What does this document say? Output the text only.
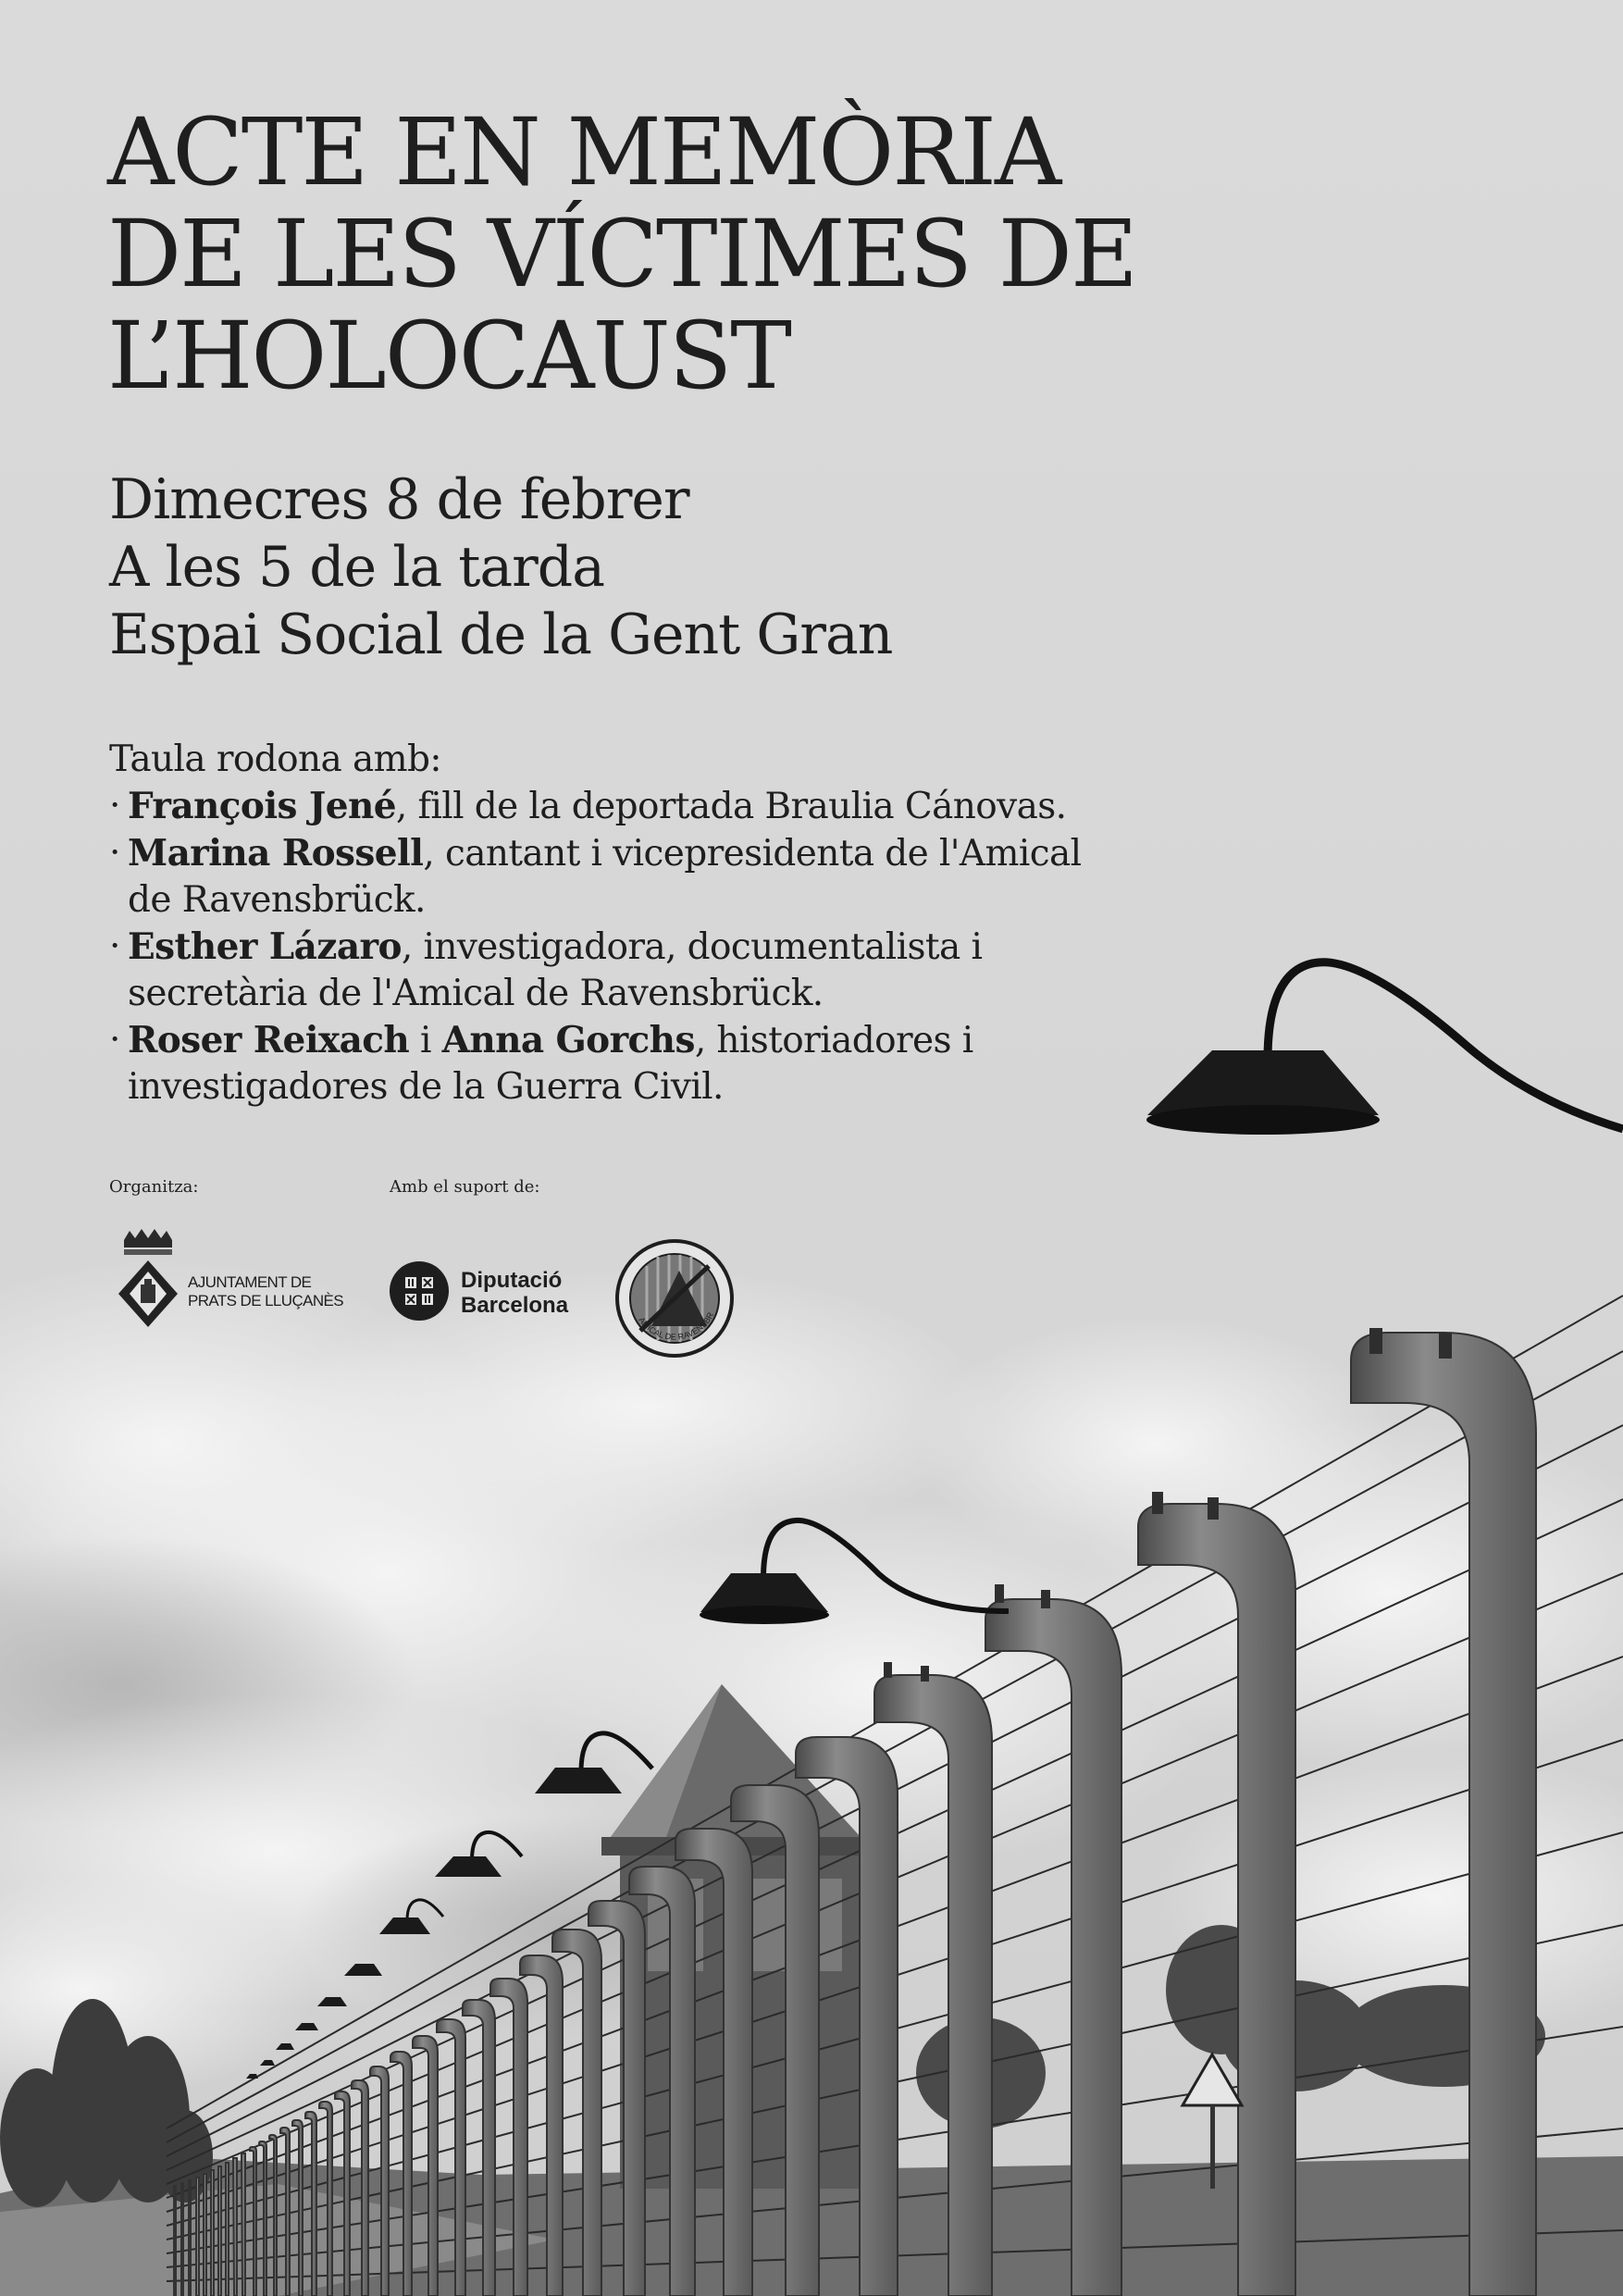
ACTE EN MEMÒRIA
DE LES VÍCTIMES DE
L’HOLOCAUST
Dimecres 8 de febrer
A les 5 de la tarda
Espai Social de la Gent Gran
Taula rodona amb:
· François Jené, fill de la deportada Braulia Cánovas.
· Marina Rossell, cantant i vicepresidenta de l'Amical de Ravensbrück.
· Esther Lázaro, investigadora, documentalista i secretària de l'Amical de Ravensbrück.
· Roser Reixach i Anna Gorchs, historiadores i investigadores de la Guerra Civil.
Organitza:	Amb el suport de:
AJUNTAMENT DE
PRATS DE LLUÇANÈS
Diputació
Barcelona
AMICAL DE RAVENSBR
